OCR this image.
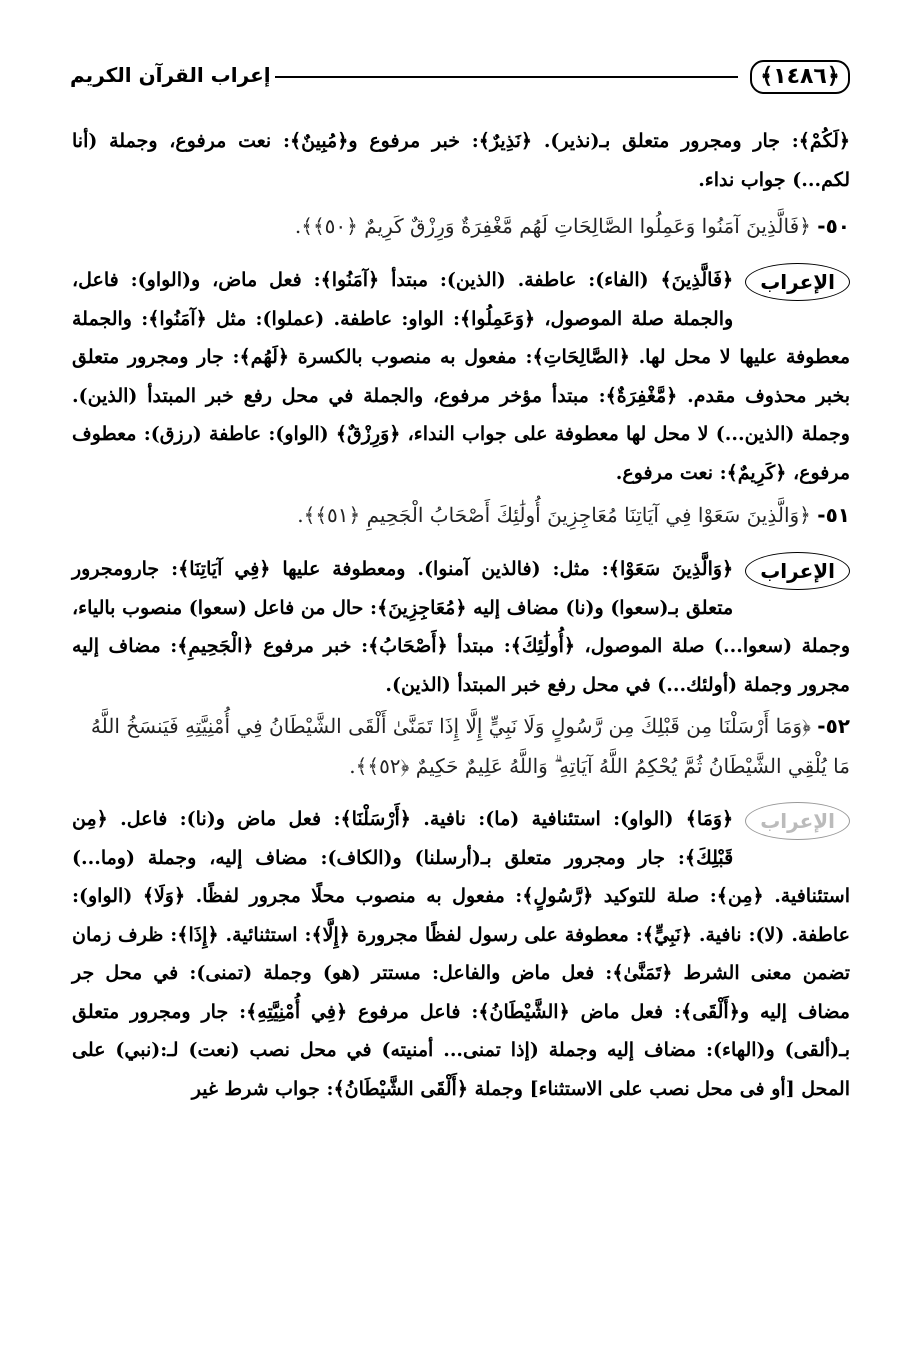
﴿١٤٨٦﴾
إعراب القرآن الكريم

﴿لَكُمْ﴾: جار ومجرور متعلق بـ(نذير). ﴿نَذِيرٌ﴾: خبر مرفوع و﴿مُبِينٌ﴾: نعت مرفوع، وجملة (أنا لكم...) جواب نداء.

٥٠- ﴿فَالَّذِينَ آمَنُوا وَعَمِلُوا الصَّالِحَاتِ لَهُم مَّغْفِرَةٌ وَرِزْقٌ كَرِيمٌ ﴿٥٠﴾﴾.
الإعراب

﴿فَالَّذِينَ﴾ (الفاء): عاطفة. (الذين): مبتدأ ﴿آمَنُوا﴾: فعل ماض، و(الواو): فاعل، والجملة صلة الموصول، ﴿وَعَمِلُوا﴾: الواو: عاطفة. (عملوا): مثل ﴿آمَنُوا﴾: والجملة معطوفة عليها لا محل لها. ﴿الصَّالِحَاتِ﴾: مفعول به منصوب بالكسرة ﴿لَهُم﴾: جار ومجرور متعلق بخبر محذوف مقدم. ﴿مَّغْفِرَةٌ﴾: مبتدأ مؤخر مرفوع، والجملة في محل رفع خبر المبتدأ (الذين). وجملة (الذين...) لا محل لها معطوفة على جواب النداء، ﴿وَرِزْقٌ﴾ (الواو): عاطفة (رزق): معطوف مرفوع، ﴿كَرِيمٌ﴾: نعت مرفوع.

٥١- ﴿وَالَّذِينَ سَعَوْا فِي آيَاتِنَا مُعَاجِزِينَ أُولَٰئِكَ أَصْحَابُ الْجَحِيمِ ﴿٥١﴾﴾.
الإعراب

﴿وَالَّذِينَ سَعَوْا﴾: مثل: (فالذين آمنوا). ومعطوفة عليها ﴿فِي آيَاتِنَا﴾: جارومجرور متعلق بـ(سعوا) و(نا) مضاف إليه ﴿مُعَاجِزِينَ﴾: حال من فاعل (سعوا) منصوب بالياء، وجملة (سعوا...) صلة الموصول، ﴿أُولَٰئِكَ﴾: مبتدأ ﴿أَصْحَابُ﴾: خبر مرفوع ﴿الْجَحِيمِ﴾: مضاف إليه مجرور وجملة (أولئك...) في محل رفع خبر المبتدأ (الذين).

٥٢- ﴿وَمَا أَرْسَلْنَا مِن قَبْلِكَ مِن رَّسُولٍ وَلَا نَبِيٍّ إِلَّا إِذَا تَمَنَّىٰ أَلْقَى الشَّيْطَانُ فِي أُمْنِيَّتِهِ فَيَنسَخُ اللَّهُ مَا يُلْقِي الشَّيْطَانُ ثُمَّ يُحْكِمُ اللَّهُ آيَاتِهِ ۗ وَاللَّهُ عَلِيمٌ حَكِيمٌ ﴿٥٢﴾﴾.
الإعراب

﴿وَمَا﴾ (الواو): استئنافية (ما): نافية. ﴿أَرْسَلْنَا﴾: فعل ماض و(نا): فاعل. ﴿مِن قَبْلِكَ﴾: جار ومجرور متعلق بـ(أرسلنا) و(الكاف): مضاف إليه، وجملة (وما...) استئنافية. ﴿مِن﴾: صلة للتوكيد ﴿رَّسُولٍ﴾: مفعول به منصوب محلًا مجرور لفظًا. ﴿وَلَا﴾ (الواو): عاطفة. (لا): نافية. ﴿نَبِيٍّ﴾: معطوفة على رسول لفظًا مجرورة ﴿إِلَّا﴾: استثنائية. ﴿إِذَا﴾: ظرف زمان تضمن معنى الشرط ﴿تَمَنَّىٰ﴾: فعل ماض والفاعل: مستتر (هو) وجملة (تمنى): في محل جر مضاف إليه و﴿أَلْقَى﴾: فعل ماض ﴿الشَّيْطَانُ﴾: فاعل مرفوع ﴿فِي أُمْنِيَّتِهِ﴾: جار ومجرور متعلق بـ(ألقى) و(الهاء): مضاف إليه وجملة (إذا تمنى... أمنيته) في محل نصب (نعت) لـ:(نبي) على المحل [أو فى محل نصب على الاستثناء] وجملة ﴿أَلْقَى الشَّيْطَانُ﴾: جواب شرط غير
